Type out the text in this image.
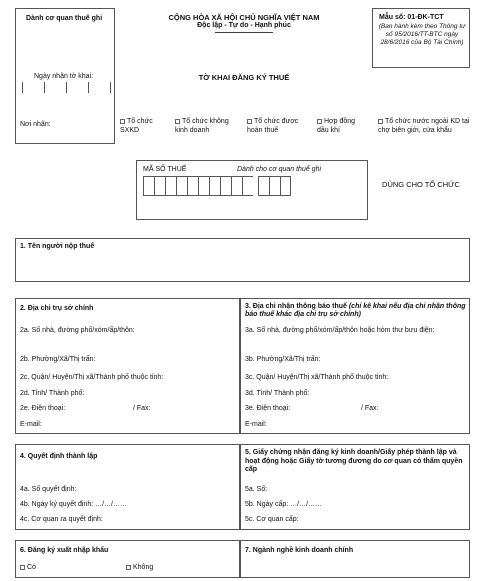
Dành cơ quan thuế ghi
Ngày nhận tờ khai:
Nơi nhận:
CỘNG HÒA XÃ HỘI CHỦ NGHĨA VIỆT NAM
Độc lập - Tự do - Hạnh phúc
TỜ KHAI ĐĂNG KÝ THUẾ
Mẫu số: 01-ĐK-TCT
(Ban hành kèm theo Thông tư số 95/2016/TT-BTC ngày 28/6/2016 của Bộ Tài Chính)
Tổ chức SXKD
Tổ chức không kinh doanh
Tổ chức được hoàn thuế
Hợp đồng dầu khí
Tổ chức nước ngoài KD tại chợ biên giới, cửa khẩu
MÃ SỐ THUẾ	Dành cho cơ quan thuế ghi
DÙNG CHO TỔ CHỨC
1. Tên người nộp thuế
2. Địa chỉ trụ sở chính
2a. Số nhà, đường phố/xóm/ấp/thôn:
2b. Phường/Xã/Thị trấn:
2c. Quận/ Huyện/Thị xã/Thành phố thuộc tỉnh:
2d. Tỉnh/ Thành phố:
2e. Điện thoại:	/ Fax:
E-mail:
3. Địa chỉ nhận thông báo thuế (chỉ kê khai nếu địa chỉ nhận thông báo thuế khác địa chỉ trụ sở chính)
3a. Số nhà, đường phố/xóm/ấp/thôn hoặc hòm thư bưu điện:
3b. Phường/Xã/Thị trấn:
3c. Quận/ Huyện/Thị xã/Thành phố thuộc tỉnh:
3d. Tỉnh/ Thành phố:
3e. Điện thoại:	/ Fax:
E-mail:
4. Quyết định thành lập
4a. Số quyết định:
4b. Ngày ký quyết định: …/…/……
4c. Cơ quan ra quyết định:
5. Giấy chứng nhận đăng ký kinh doanh/Giấy phép thành lập và hoạt động hoặc Giấy tờ tương đương do cơ quan có thẩm quyền cấp
5a. Số:
5b. Ngày cấp: …/…/……
5c. Cơ quan cấp:
6. Đăng ký xuất nhập khẩu
Có	Không
7. Ngành nghề kinh doanh chính
